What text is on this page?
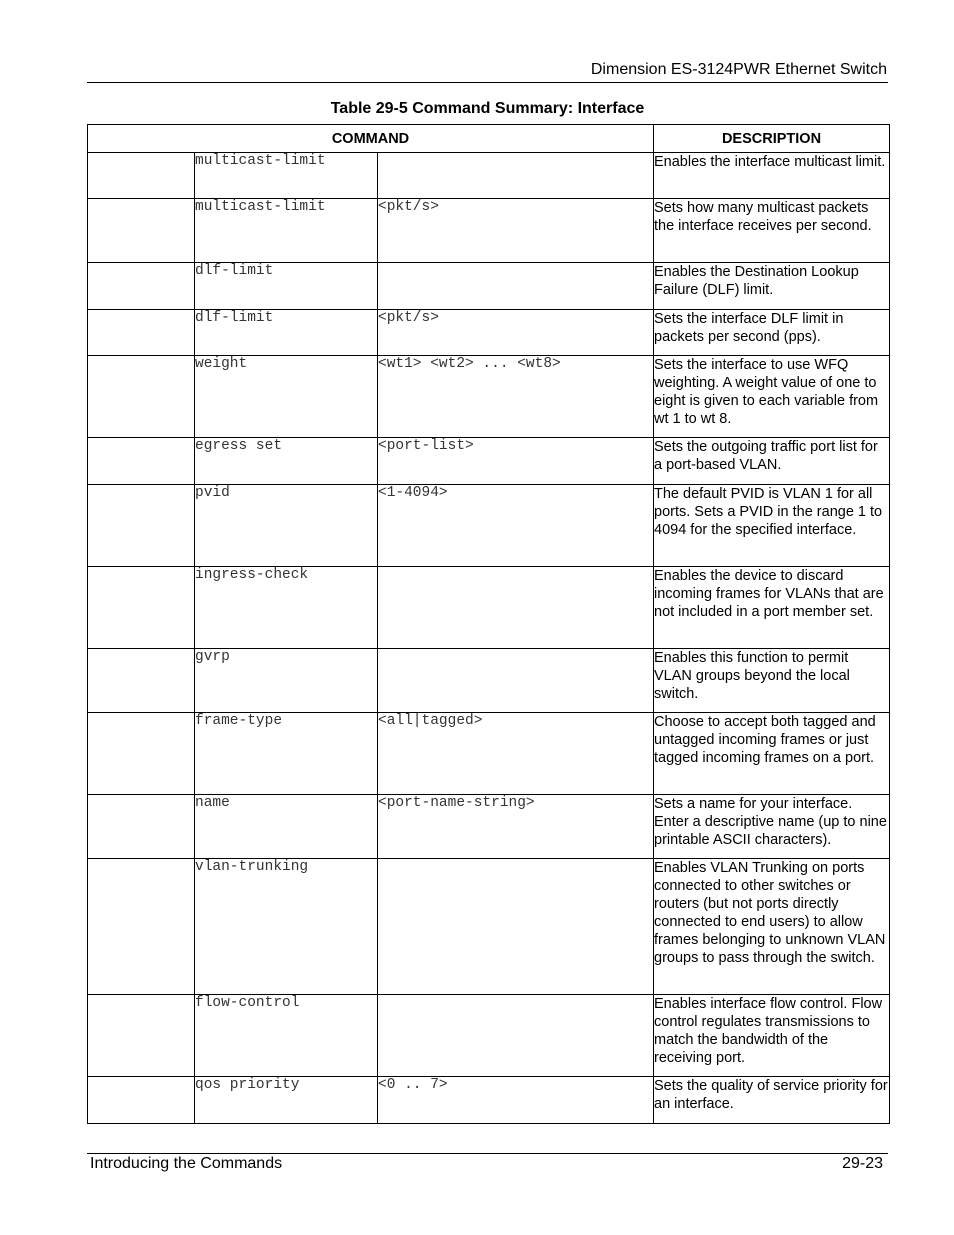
Dimension ES-3124PWR Ethernet Switch
Table 29-5 Command Summary: Interface
COMMAND			DESCRIPTION
	multicast-limit		Enables the interface multicast limit.
	multicast-limit	<pkt/s>	Sets how many multicast packets the interface receives per second.
	dlf-limit		Enables the Destination Lookup Failure (DLF) limit.
	dlf-limit	<pkt/s>	Sets the interface DLF limit in packets per second (pps).
	weight	<wt1> <wt2> ... <wt8>	Sets the interface to use WFQ weighting. A weight value of one to eight is given to each variable from wt 1 to wt 8.
	egress set	<port-list>	Sets the outgoing traffic port list for a port-based VLAN.
	pvid	<1-4094>	The default PVID is VLAN 1 for all ports. Sets a PVID in the range 1 to 4094 for the specified interface.
	ingress-check		Enables the device to discard incoming frames for VLANs that are not included in a port member set.
	gvrp		Enables this function to permit VLAN groups beyond the local switch.
	frame-type	<all|tagged>	Choose to accept both tagged and untagged incoming frames or just tagged incoming frames on a port.
	name	<port-name-string>	Sets a name for your interface. Enter a descriptive name (up to nine printable ASCII characters).
	vlan-trunking		Enables VLAN Trunking on ports connected to other switches or routers (but not ports directly connected to end users) to allow frames belonging to unknown VLAN groups to pass through the switch.
	flow-control		Enables interface flow control. Flow control regulates transmissions to match the bandwidth of the receiving port.
	qos priority	<0 .. 7>	Sets the quality of service priority for an interface.
Introducing the Commands	29-23
